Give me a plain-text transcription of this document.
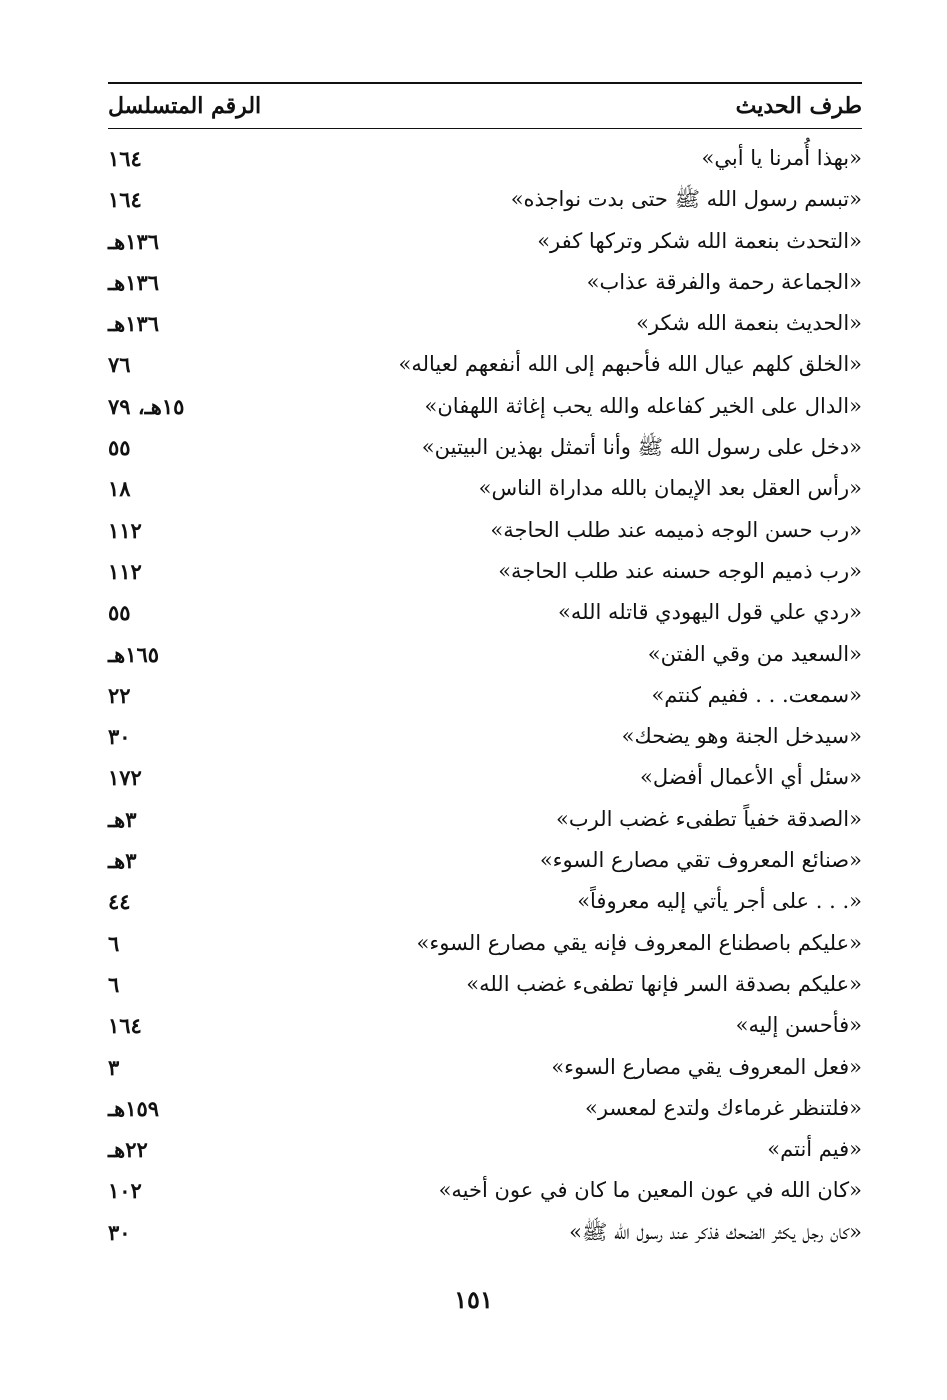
طرف الحديث
الرقم المتسلسل
«بهذا أُمرنا يا أبي»
١٦٤
«تبسم رسول الله ﷺ حتى بدت نواجذه»
١٦٤
«التحدث بنعمة الله شكر وتركها كفر»
١٣٦هـ
«الجماعة رحمة والفرقة عذاب»
١٣٦هـ
«الحديث بنعمة الله شكر»
١٣٦هـ
«الخلق كلهم عيال الله فأحبهم إلى الله أنفعهم لعياله»
٧٦
«الدال على الخير كفاعله والله يحب إغاثة اللهفان»
١٥هـ، ٧٩
«دخل على رسول الله ﷺ وأنا أتمثل بهذين البيتين»
٥٥
«رأس العقل بعد الإيمان بالله مداراة الناس»
١٨
«رب حسن الوجه ذميمه عند طلب الحاجة»
١١٢
«رب ذميم الوجه حسنه عند طلب الحاجة»
١١٢
«ردي علي قول اليهودي قاتله الله»
٥٥
«السعيد من وقي الفتن»
١٦٥هـ
«سمعت. . . ففيم كنتم»
٢٢
«سيدخل الجنة وهو يضحك»
٣٠
«سئل أي الأعمال أفضل»
١٧٢
«الصدقة خفياً تطفىء غضب الرب»
٣هـ
«صنائع المعروف تقي مصارع السوء»
٣هـ
«. . . على أجر يأتي إليه معروفاً»
٤٤
«عليكم باصطناع المعروف فإنه يقي مصارع السوء»
٦
«عليكم بصدقة السر فإنها تطفىء غضب الله»
٦
«فأحسن إليه»
١٦٤
«فعل المعروف يقي مصارع السوء»
٣
«فلتنظر غرماءك ولتدع لمعسر»
١٥٩هـ
«فيم أنتم»
٢٢هـ
«كان الله في عون المعين ما كان في عون أخيه»
١٠٢
«كان رجل يكثر الضحك فذكر عند رسول الله ﷺ»
٣٠
١٥١
